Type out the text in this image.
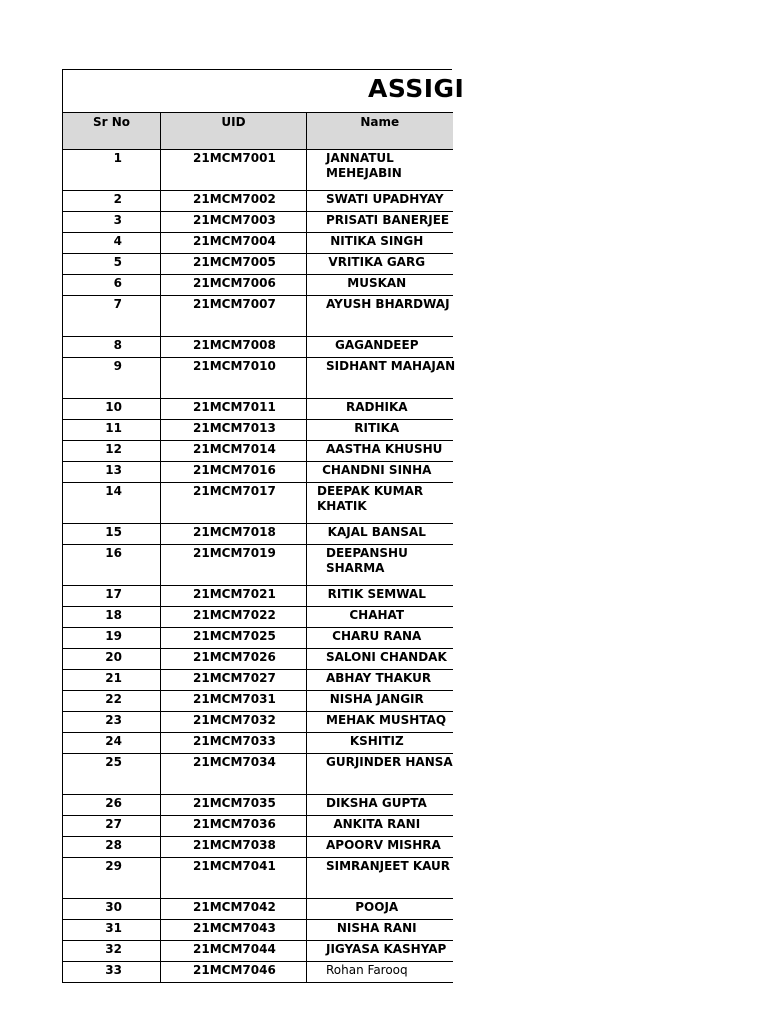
ASSIGI
Sr No	UID	Name
1	21MCM7001	JANNATUL MEHEJABIN
2	21MCM7002	SWATI UPADHYAY
3	21MCM7003	PRISATI BANERJEE
4	21MCM7004	NITIKA SINGH
5	21MCM7005	VRITIKA GARG
6	21MCM7006	MUSKAN
7	21MCM7007	AYUSH BHARDWAJ
8	21MCM7008	GAGANDEEP
9	21MCM7010	SIDHANT MAHAJAN
10	21MCM7011	RADHIKA
11	21MCM7013	RITIKA
12	21MCM7014	AASTHA KHUSHU
13	21MCM7016	CHANDNI SINHA
14	21MCM7017	DEEPAK KUMAR KHATIK
15	21MCM7018	KAJAL BANSAL
16	21MCM7019	DEEPANSHU SHARMA
17	21MCM7021	RITIK SEMWAL
18	21MCM7022	CHAHAT
19	21MCM7025	CHARU RANA
20	21MCM7026	SALONI CHANDAK
21	21MCM7027	ABHAY THAKUR
22	21MCM7031	NISHA JANGIR
23	21MCM7032	MEHAK MUSHTAQ
24	21MCM7033	KSHITIZ
25	21MCM7034	GURJINDER HANSA
26	21MCM7035	DIKSHA GUPTA
27	21MCM7036	ANKITA RANI
28	21MCM7038	APOORV MISHRA
29	21MCM7041	SIMRANJEET KAUR
30	21MCM7042	POOJA
31	21MCM7043	NISHA RANI
32	21MCM7044	JIGYASA KASHYAP
33	21MCM7046	Rohan Farooq
